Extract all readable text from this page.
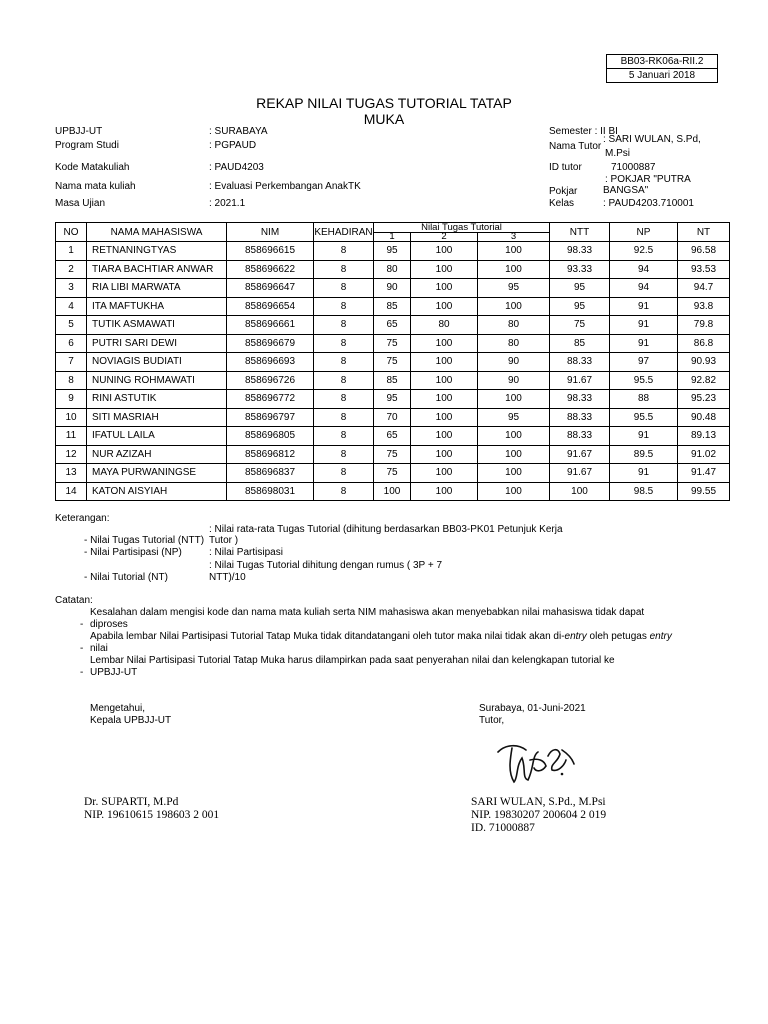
BB03-RK06a-RII.2
5 Januari 2018
REKAP NILAI TUGAS TUTORIAL TATAP
MUKA
UPBJJ-UT	: SURABAYA
Program Studi	: PGPAUD
Kode Matakuliah	: PAUD4203
Nama mata kuliah	: Evaluasi Perkembangan AnakTK
Masa Ujian	: 2021.1
Semester : II BI
Nama Tutor
: SARI WULAN, S.Pd,
M.Psi
ID tutor	71000887
: POKJAR "PUTRA
Pokjar	BANGSA"
Kelas	: PAUD4203.710001
NO	NAMA MAHASISWA	NIM	KEHADIRAN	Nilai Tugas Tutorial			NTT	NP	NT
				1	2	3			
1	RETNANINGTYAS	858696615	8	95	100	100	98.33	92.5	96.58
2	TIARA BACHTIAR ANWAR	858696622	8	80	100	100	93.33	94	93.53
3	RIA LIBI MARWATA	858696647	8	90	100	95	95	94	94.7
4	ITA MAFTUKHA	858696654	8	85	100	100	95	91	93.8
5	TUTIK ASMAWATI	858696661	8	65	80	80	75	91	79.8
6	PUTRI SARI DEWI	858696679	8	75	100	80	85	91	86.8
7	NOVIAGIS BUDIATI	858696693	8	75	100	90	88.33	97	90.93
8	NUNING ROHMAWATI	858696726	8	85	100	90	91.67	95.5	92.82
9	RINI ASTUTIK	858696772	8	95	100	100	98.33	88	95.23
10	SITI MASRIAH	858696797	8	70	100	95	88.33	95.5	90.48
11	IFATUL LAILA	858696805	8	65	100	100	88.33	91	89.13
12	NUR AZIZAH	858696812	8	75	100	100	91.67	89.5	91.02
13	MAYA PURWANINGSE	858696837	8	75	100	100	91.67	91	91.47
14	KATON AISYIAH	858698031	8	100	100	100	100	98.5	99.55
Keterangan:
: Nilai rata-rata Tugas Tutorial (dihitung berdasarkan BB03-PK01 Petunjuk Kerja
- Nilai Tugas Tutorial (NTT) Tutor )
- Nilai Partisipasi (NP)	: Nilai Partisipasi
: Nilai Tugas Tutorial dihitung dengan rumus ( 3P + 7
- Nilai Tutorial (NT)	NTT)/10
Catatan:
Kesalahan dalam mengisi kode dan nama mata kuliah serta NIM mahasiswa akan menyebabkan nilai mahasiswa tidak dapat
- diproses
Apabila lembar Nilai Partisipasi Tutorial Tatap Muka tidak ditandatangani oleh tutor maka nilai tidak akan di-entry oleh petugas entry
- nilai
Lembar Nilai Partisipasi Tutorial Tatap Muka harus dilampirkan pada saat penyerahan nilai dan kelengkapan tutorial ke
- UPBJJ-UT
Mengetahui,
Kepala UPBJJ-UT
Surabaya, 01-Juni-2021
Tutor,
Dr. SUPARTI, M.Pd
NIP. 19610615 198603 2 001
SARI WULAN, S.Pd., M.Psi
NIP. 19830207 200604 2 019
ID. 71000887
